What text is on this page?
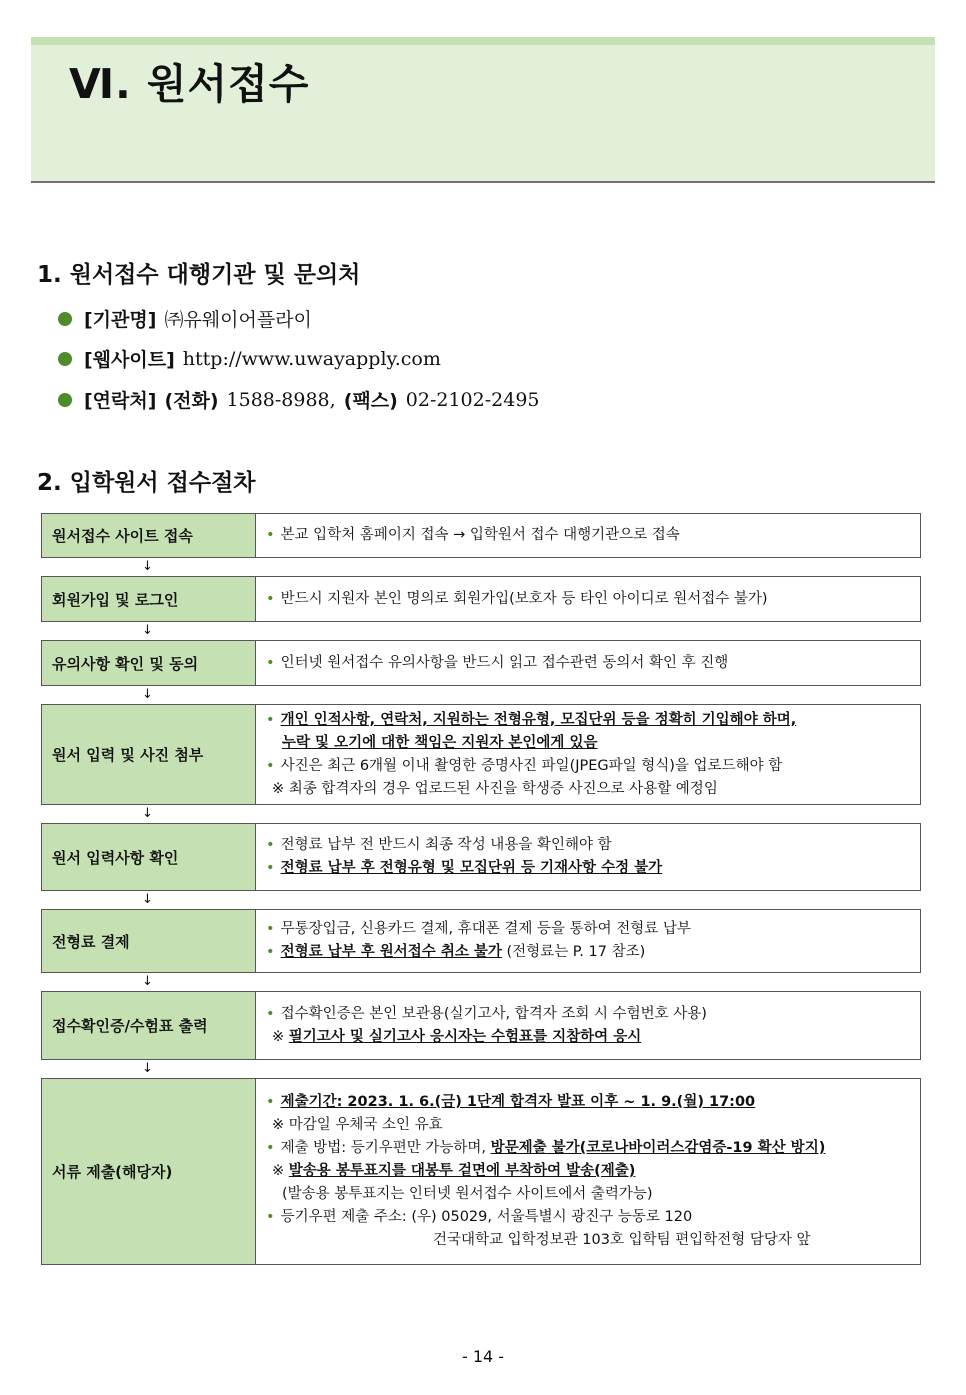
Ⅵ. 원서접수
1. 원서접수 대행기관 및 문의처
[기관명] ㈜유웨이어플라이
[웹사이트] http://www.uwayapply.com
[연락처] (전화) 1588-8988, (팩스) 02-2102-2495
2. 입학원서 접수절차
원서접수 사이트 접속	• 본교 입학처 홈페이지 접속 → 입학원서 접수 대행기관으로 접속
↓
회원가입 및 로그인	• 반드시 지원자 본인 명의로 회원가입(보호자 등 타인 아이디로 원서접수 불가)
↓
유의사항 확인 및 동의	• 인터넷 원서접수 유의사항을 반드시 읽고 접수관련 동의서 확인 후 진행
↓
원서 입력 및 사진 첨부
• 개인 인적사항, 연락처, 지원하는 전형유형, 모집단위 등을 정확히 기입해야 하며,
누락 및 오기에 대한 책임은 지원자 본인에게 있음
• 사진은 최근 6개월 이내 촬영한 증명사진 파일(JPEG파일 형식)을 업로드해야 함
※ 최종 합격자의 경우 업로드된 사진을 학생증 사진으로 사용할 예정임
↓
원서 입력사항 확인
• 전형료 납부 전 반드시 최종 작성 내용을 확인해야 함
• 전형료 납부 후 전형유형 및 모집단위 등 기재사항 수정 불가
↓
전형료 결제
• 무통장입금, 신용카드 결제, 휴대폰 결제 등을 통하여 전형료 납부
• 전형료 납부 후 원서접수 취소 불가 (전형료는 P. 17 참조)
↓
접수확인증/수험표 출력
• 접수확인증은 본인 보관용(실기고사, 합격자 조회 시 수험번호 사용)
※ 필기고사 및 실기고사 응시자는 수험표를 지참하여 응시
↓
서류 제출(해당자)
• 제출기간: 2023. 1. 6.(금) 1단계 합격자 발표 이후 ~ 1. 9.(월) 17:00
※ 마감일 우체국 소인 유효
• 제출 방법: 등기우편만 가능하며, 방문제출 불가(코로나바이러스감염증-19 확산 방지)
※ 발송용 봉투표지를 대봉투 겉면에 부착하여 발송(제출)
(발송용 봉투표지는 인터넷 원서접수 사이트에서 출력가능)
• 등기우편 제출 주소: (우) 05029, 서울특별시 광진구 능동로 120
건국대학교 입학정보관 103호 입학팀 편입학전형 담당자 앞
- 14 -
